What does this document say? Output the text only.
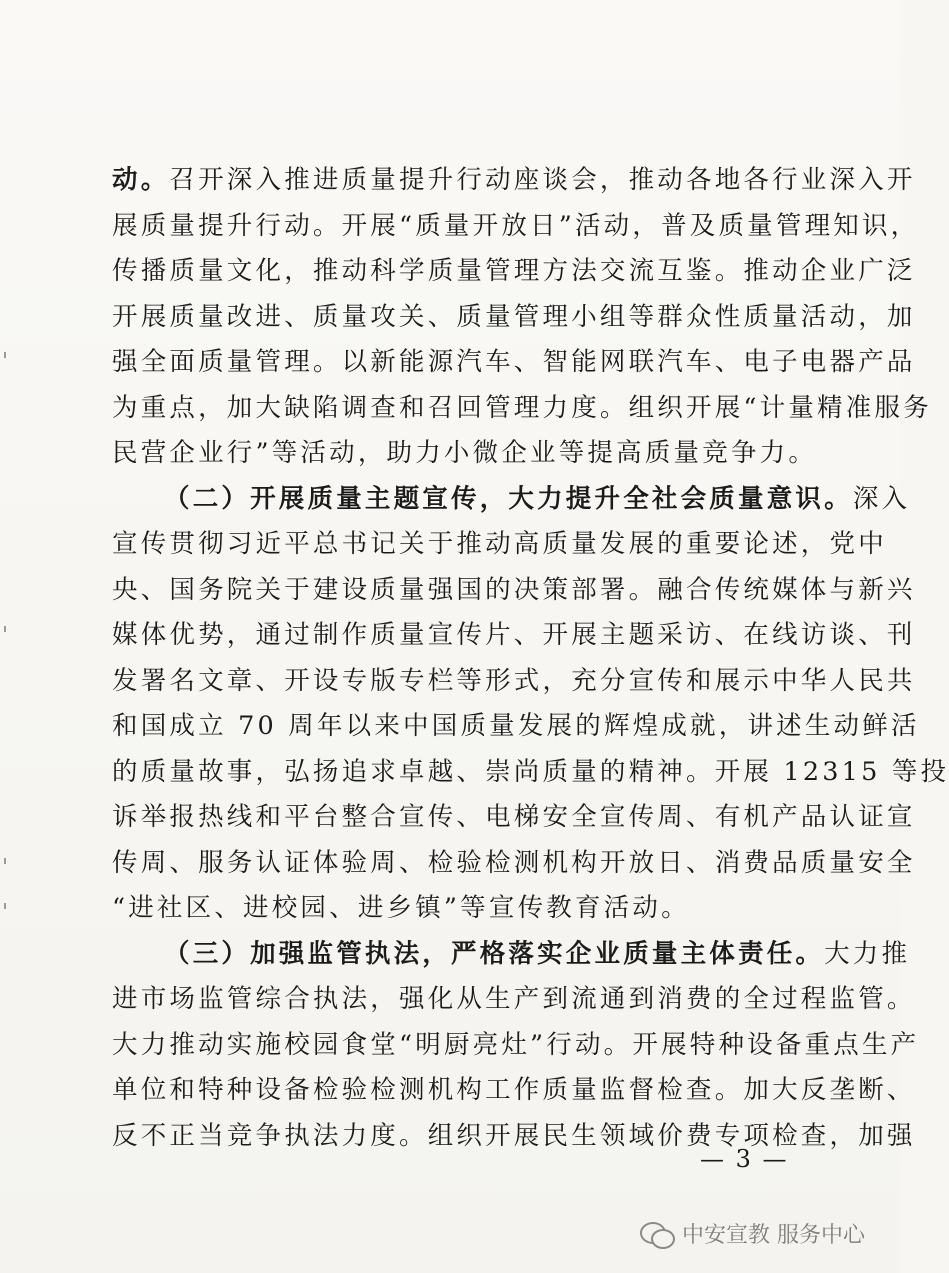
动。召开深入推进质量提升行动座谈会，推动各地各行业深入开
展质量提升行动。开展“质量开放日”活动，普及质量管理知识，
传播质量文化，推动科学质量管理方法交流互鉴。推动企业广泛
开展质量改进、质量攻关、质量管理小组等群众性质量活动，加
强全面质量管理。以新能源汽车、智能网联汽车、电子电器产品
为重点，加大缺陷调查和召回管理力度。组织开展“计量精准服务
民营企业行”等活动，助力小微企业等提高质量竞争力。
（二）开展质量主题宣传，大力提升全社会质量意识。深入
宣传贯彻习近平总书记关于推动高质量发展的重要论述，党中
央、国务院关于建设质量强国的决策部署。融合传统媒体与新兴
媒体优势，通过制作质量宣传片、开展主题采访、在线访谈、刊
发署名文章、开设专版专栏等形式，充分宣传和展示中华人民共
和国成立 70 周年以来中国质量发展的辉煌成就，讲述生动鲜活
的质量故事，弘扬追求卓越、崇尚质量的精神。开展 12315 等投
诉举报热线和平台整合宣传、电梯安全宣传周、有机产品认证宣
传周、服务认证体验周、检验检测机构开放日、消费品质量安全
“进社区、进校园、进乡镇”等宣传教育活动。
（三）加强监管执法，严格落实企业质量主体责任。大力推
进市场监管综合执法，强化从生产到流通到消费的全过程监管。
大力推动实施校园食堂“明厨亮灶”行动。开展特种设备重点生产
单位和特种设备检验检测机构工作质量监督检查。加大反垄断、
反不正当竞争执法力度。组织开展民生领域价费专项检查，加强
— 3 —
中安宣教 服务中心
